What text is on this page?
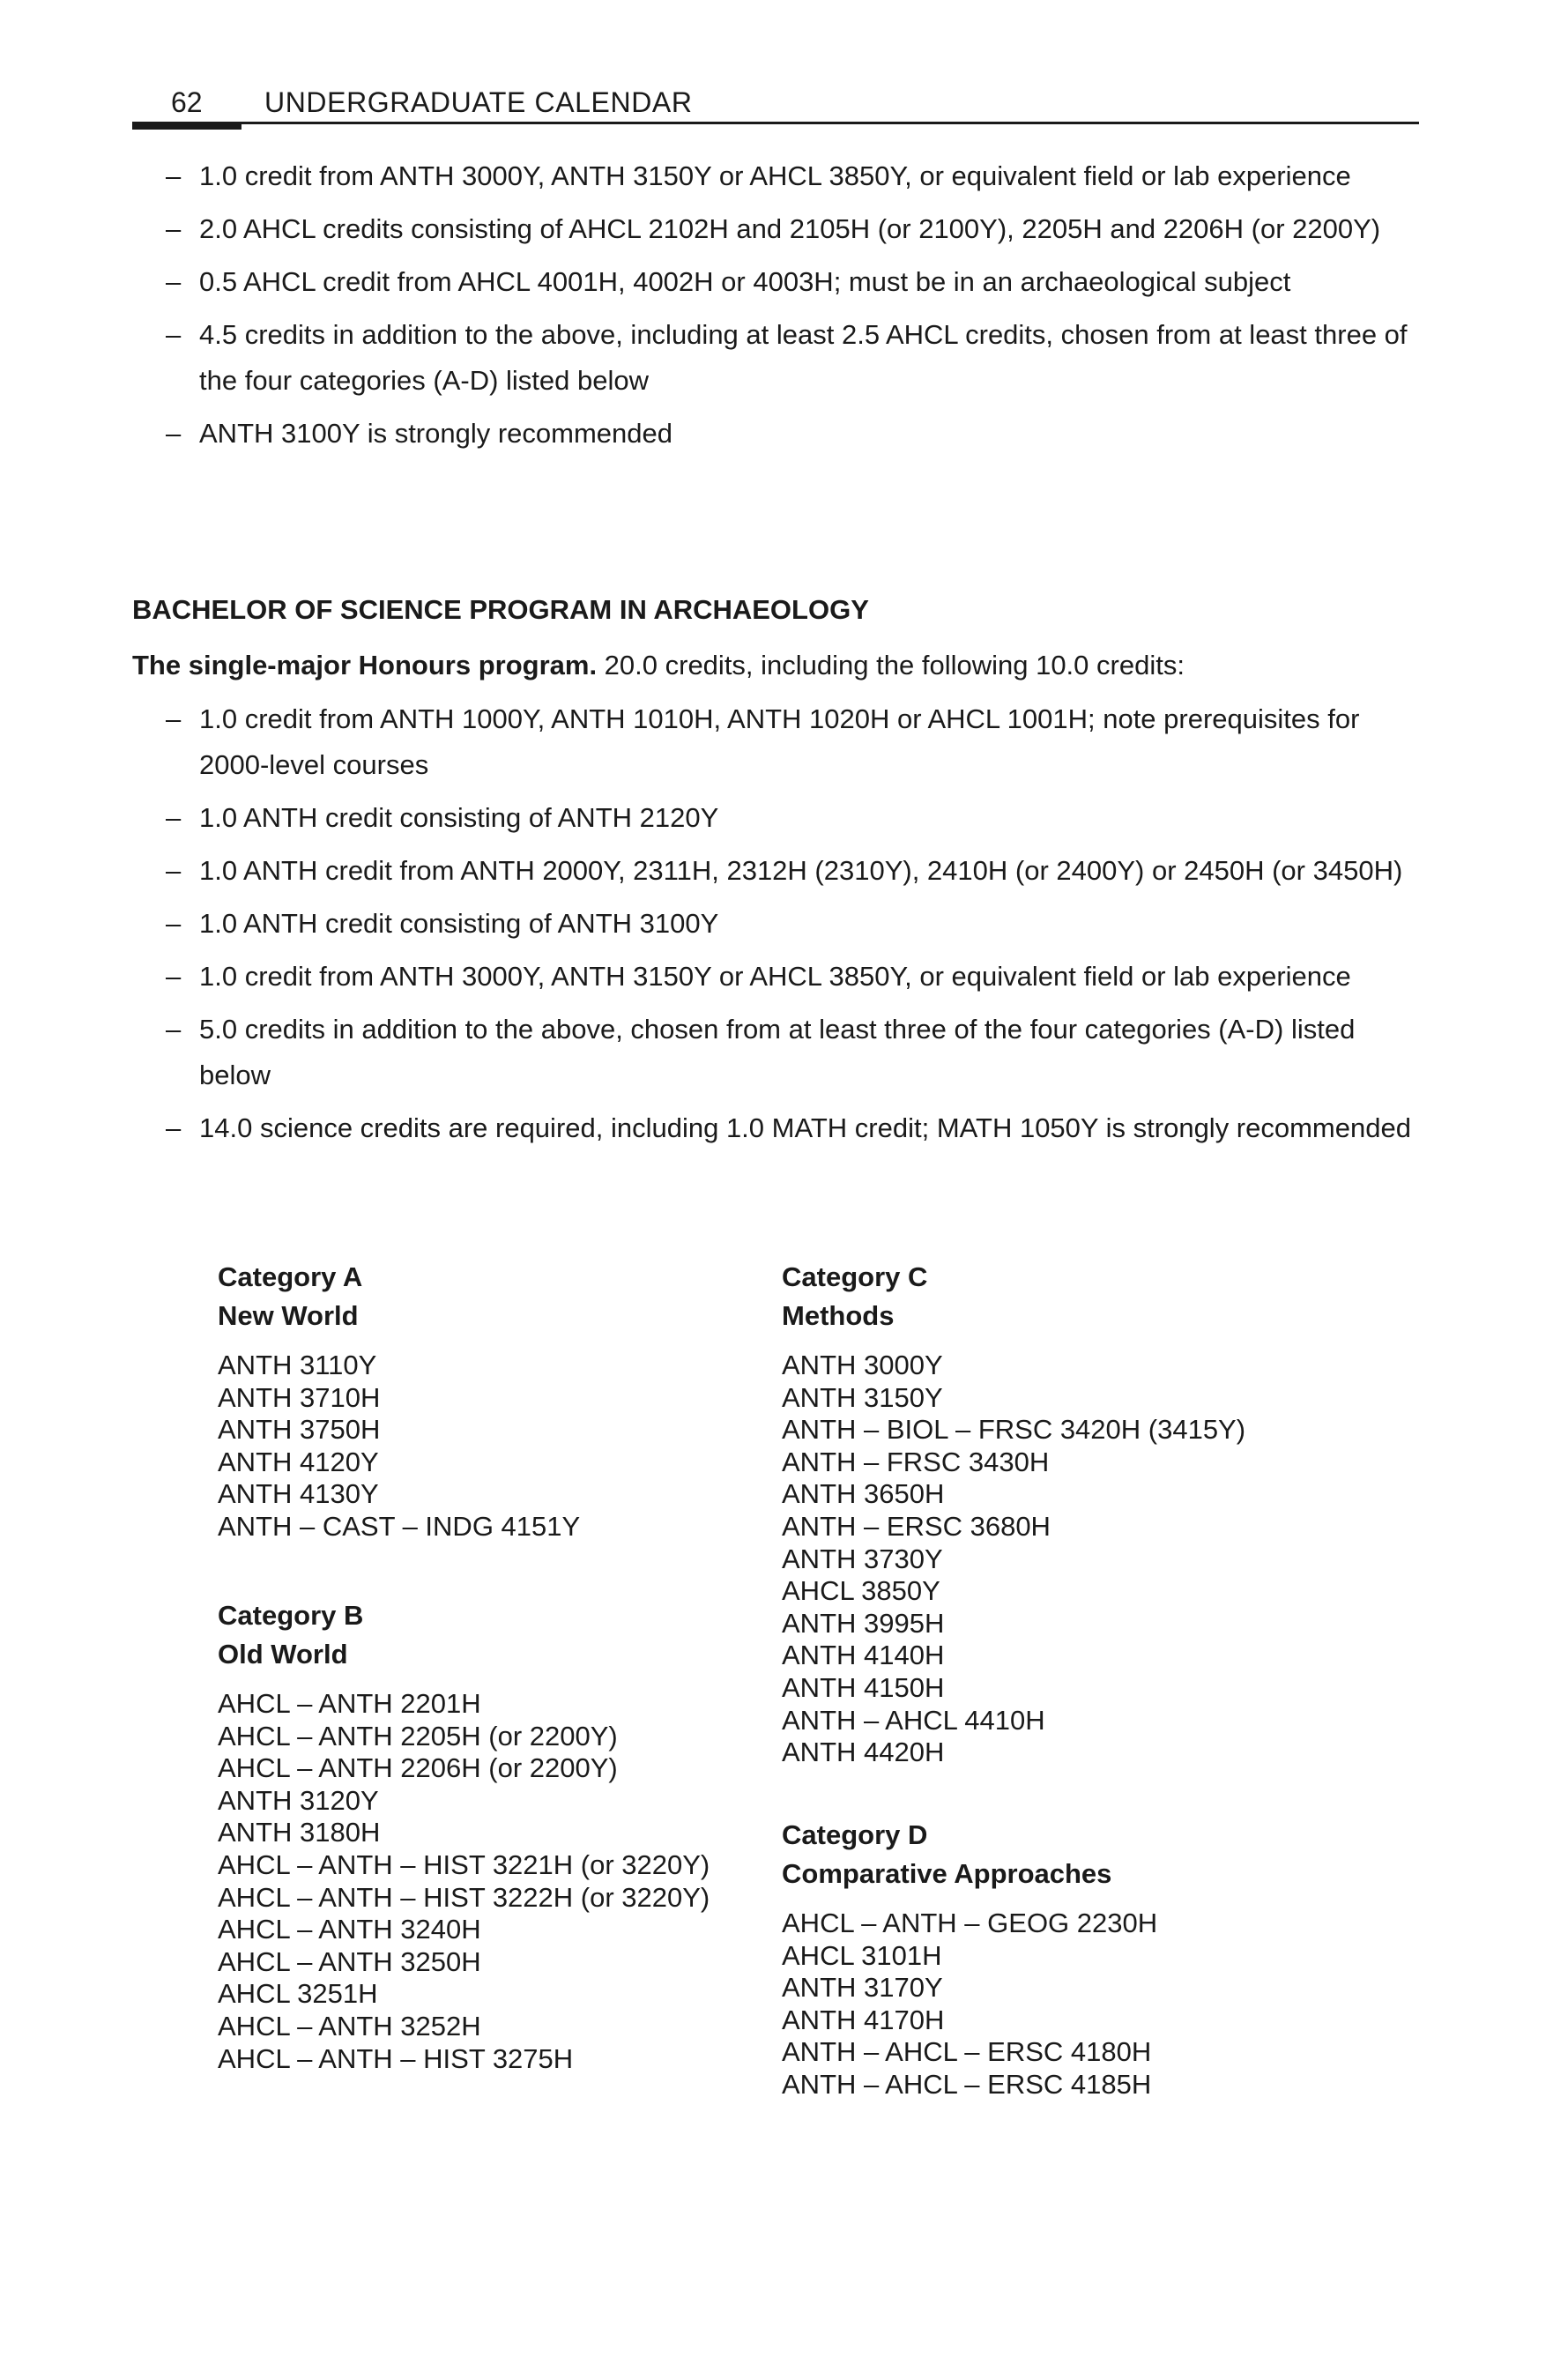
62 UNDERGRADUATE CALENDAR
– 1.0 credit from ANTH 3000Y, ANTH 3150Y or AHCL 3850Y, or equivalent field or lab experience
– 2.0 AHCL credits consisting of AHCL 2102H and 2105H (or 2100Y), 2205H and 2206H (or 2200Y)
– 0.5 AHCL credit from AHCL 4001H, 4002H or 4003H; must be in an archaeological subject
– 4.5 credits in addition to the above, including at least 2.5 AHCL credits, chosen from at least three of the four categories (A-D) listed below
– ANTH 3100Y is strongly recommended
BACHELOR OF SCIENCE PROGRAM IN ARCHAEOLOGY
The single-major Honours program. 20.0 credits, including the following 10.0 credits:
– 1.0 credit from ANTH 1000Y, ANTH 1010H, ANTH 1020H or AHCL 1001H; note prerequisites for 2000-level courses
– 1.0 ANTH credit consisting of ANTH 2120Y
– 1.0 ANTH credit from ANTH 2000Y, 2311H, 2312H (2310Y), 2410H (or 2400Y) or 2450H (or 3450H)
– 1.0 ANTH credit consisting of ANTH 3100Y
– 1.0 credit from ANTH 3000Y, ANTH 3150Y or AHCL 3850Y, or equivalent field or lab experience
– 5.0 credits in addition to the above, chosen from at least three of the four categories (A-D) listed below
– 14.0 science credits are required, including 1.0 MATH credit; MATH 1050Y is strongly recommended
Category A
New World
ANTH 3110Y
ANTH 3710H
ANTH 3750H
ANTH 4120Y
ANTH 4130Y
ANTH – CAST – INDG 4151Y
Category B
Old World
AHCL – ANTH 2201H
AHCL – ANTH 2205H (or 2200Y)
AHCL – ANTH 2206H (or 2200Y)
ANTH 3120Y
ANTH 3180H
AHCL – ANTH – HIST 3221H (or 3220Y)
AHCL – ANTH – HIST 3222H (or 3220Y)
AHCL – ANTH 3240H
AHCL – ANTH 3250H
AHCL 3251H
AHCL – ANTH 3252H
AHCL – ANTH – HIST 3275H
Category C
Methods
ANTH 3000Y
ANTH 3150Y
ANTH – BIOL – FRSC 3420H (3415Y)
ANTH – FRSC 3430H
ANTH 3650H
ANTH – ERSC 3680H
ANTH 3730Y
AHCL 3850Y
ANTH 3995H
ANTH 4140H
ANTH 4150H
ANTH – AHCL 4410H
ANTH 4420H
Category D
Comparative Approaches
AHCL – ANTH – GEOG 2230H
AHCL 3101H
ANTH 3170Y
ANTH 4170H
ANTH – AHCL – ERSC 4180H
ANTH – AHCL – ERSC 4185H
